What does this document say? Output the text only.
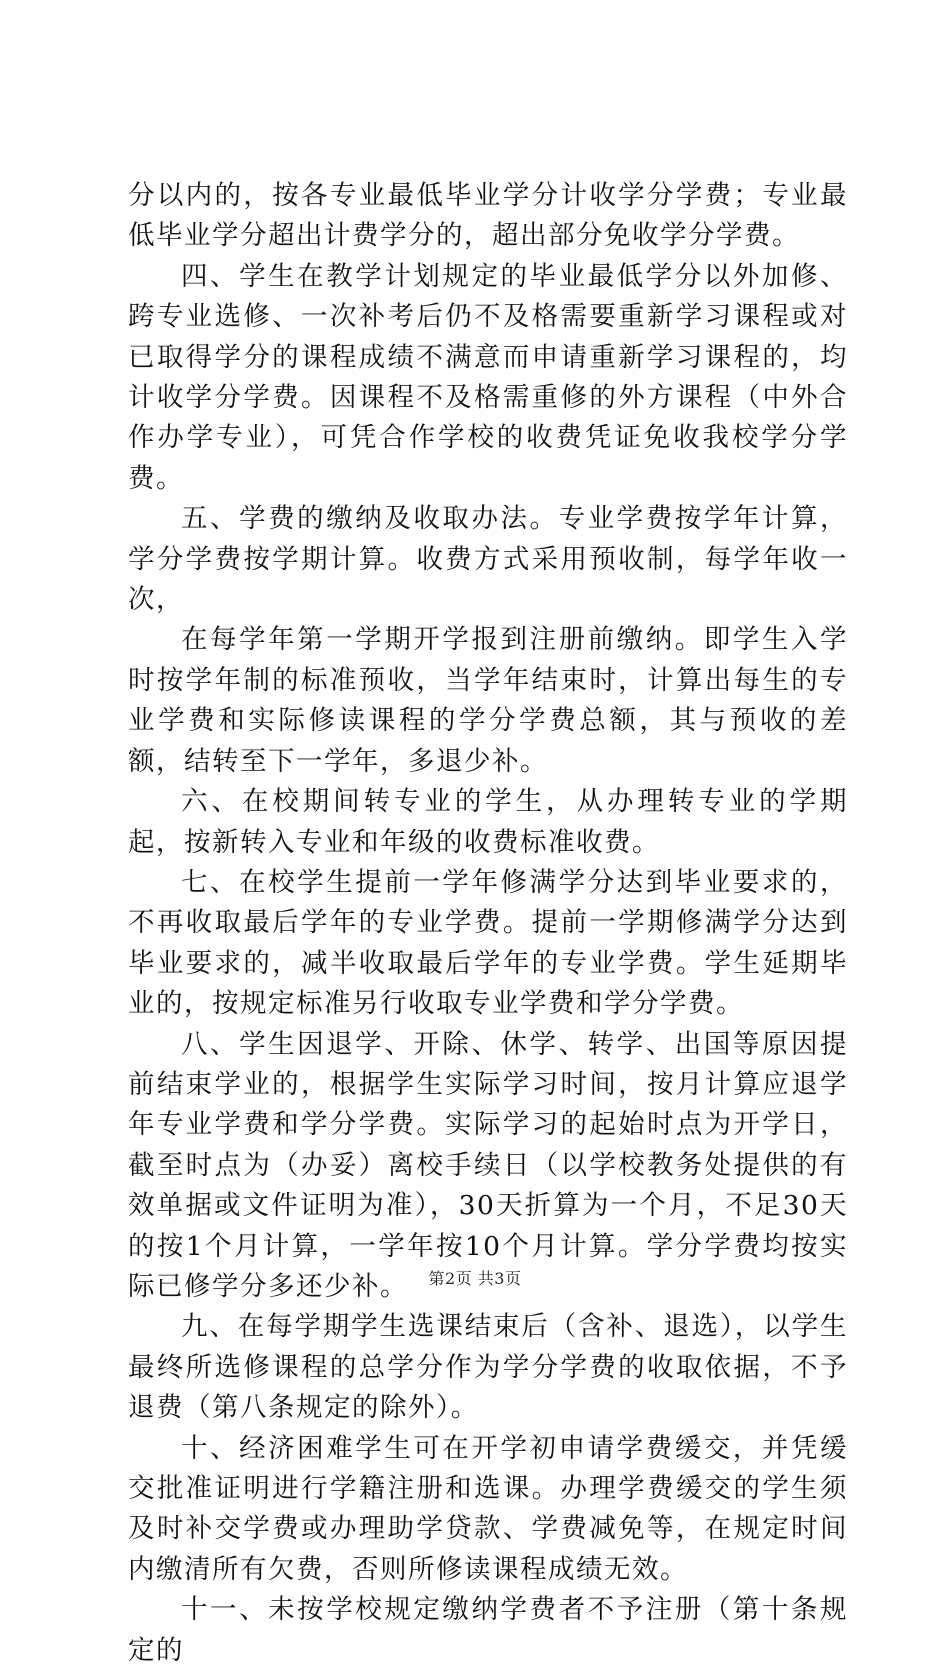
分以内的，按各专业最低毕业学分计收学分学费；专业最低毕业学分超出计费学分的，超出部分免收学分学费。

四、学生在教学计划规定的毕业最低学分以外加修、跨专业选修、一次补考后仍不及格需要重新学习课程或对已取得学分的课程成绩不满意而申请重新学习课程的，均计收学分学费。因课程不及格需重修的外方课程（中外合作办学专业），可凭合作学校的收费凭证免收我校学分学费。

五、学费的缴纳及收取办法。专业学费按学年计算，学分学费按学期计算。收费方式采用预收制，每学年收一次，

在每学年第一学期开学报到注册前缴纳。即学生入学时按学年制的标准预收，当学年结束时，计算出每生的专业学费和实际修读课程的学分学费总额，其与预收的差额，结转至下一学年，多退少补。

六、在校期间转专业的学生，从办理转专业的学期起，按新转入专业和年级的收费标准收费。

七、在校学生提前一学年修满学分达到毕业要求的，不再收取最后学年的专业学费。提前一学期修满学分达到毕业要求的，减半收取最后学年的专业学费。学生延期毕业的，按规定标准另行收取专业学费和学分学费。

八、学生因退学、开除、休学、转学、出国等原因提前结束学业的，根据学生实际学习时间，按月计算应退学年专业学费和学分学费。实际学习的起始时点为开学日，截至时点为（办妥）离校手续日（以学校教务处提供的有效单据或文件证明为准），30天折算为一个月，不足30天的按1个月计算，一学年按10个月计算。学分学费均按实际已修学分多还少补。

九、在每学期学生选课结束后（含补、退选），以学生最终所选修课程的总学分作为学分学费的收取依据，不予退费（第八条规定的除外）。

十、经济困难学生可在开学初申请学费缓交，并凭缓交批准证明进行学籍注册和选课。办理学费缓交的学生须及时补交学费或办理助学贷款、学费减免等，在规定时间内缴清所有欠费，否则所修读课程成绩无效。

十一、未按学校规定缴纳学费者不予注册（第十条规定的

第2页 共3页
